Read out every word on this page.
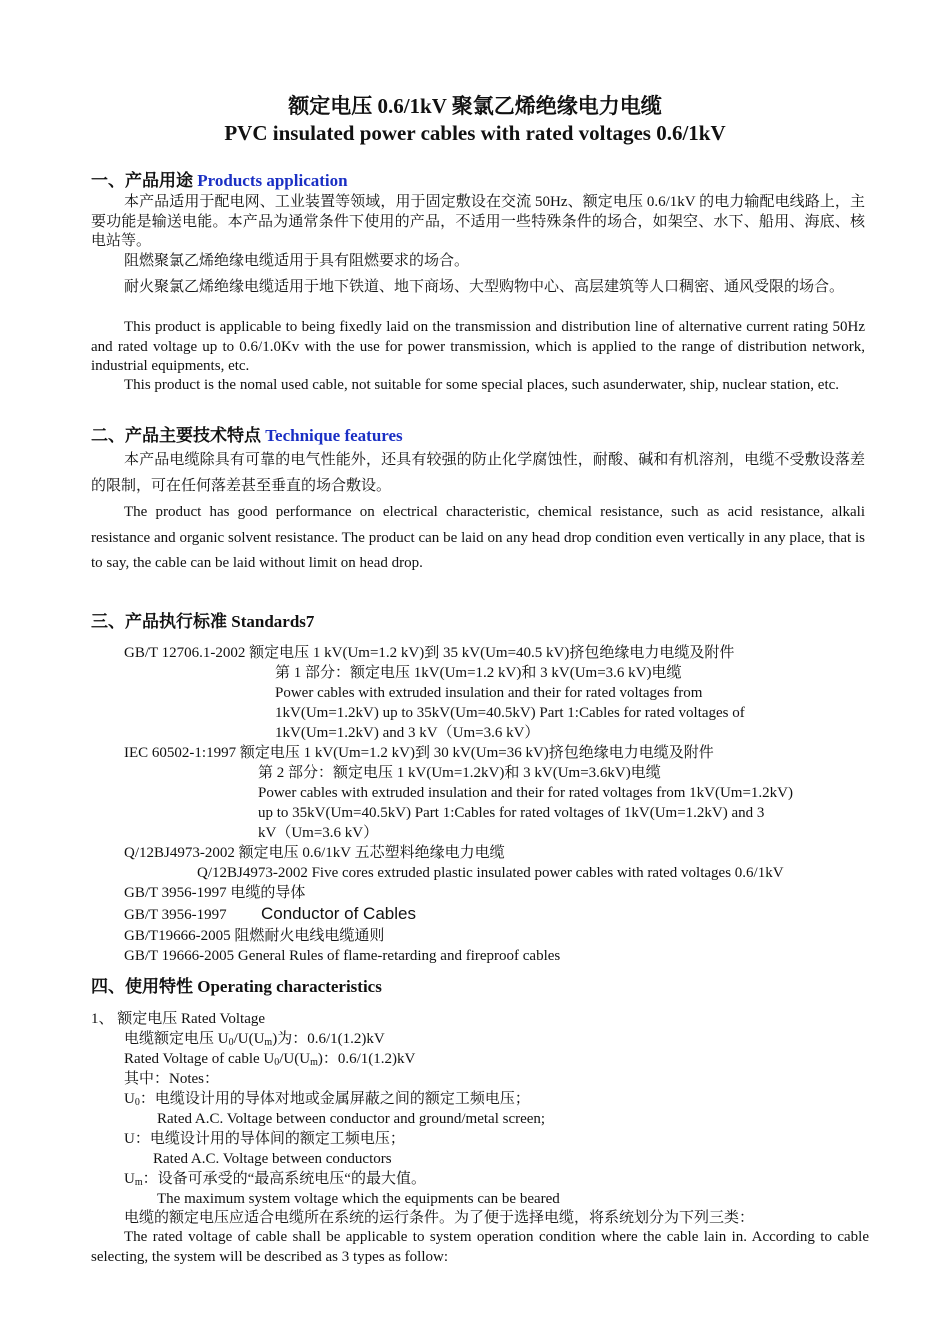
额定电压 0.6/1kV 聚氯乙烯绝缘电力电缆
PVC insulated power cables with rated voltages 0.6/1kV
一、产品用途 Products application
本产品适用于配电网、工业装置等领域，用于固定敷设在交流 50Hz、额定电压 0.6/1kV 的电力输配电线路上，主要功能是输送电能。本产品为通常条件下使用的产品，不适用一些特殊条件的场合，如架空、水下、船用、海底、核电站等。
阻燃聚氯乙烯绝缘电缆适用于具有阻燃要求的场合。
耐火聚氯乙烯绝缘电缆适用于地下铁道、地下商场、大型购物中心、高层建筑等人口稠密、通风受限的场合。
This product is applicable to being fixedly laid on the transmission and distribution line of alternative current rating 50Hz and rated voltage up to 0.6/1.0Kv with the use for power transmission, which is applied to the range of distribution network, industrial equipments, etc.
This product is the nomal used cable, not suitable for some special places, such asunderwater, ship, nuclear station, etc.
二、产品主要技术特点 Technique features
本产品电缆除具有可靠的电气性能外，还具有较强的防止化学腐蚀性，耐酸、碱和有机溶剂，电缆不受敷设落差的限制，可在任何落差甚至垂直的场合敷设。
The product has good performance on electrical characteristic, chemical resistance, such as acid resistance, alkali resistance and organic solvent resistance. The product can be laid on any head drop condition even vertically in any place, that is to say, the cable can be laid without limit on head drop.
三、产品执行标准 Standards7
GB/T 12706.1-2002 额定电压 1 kV(Um=1.2 kV)到 35 kV(Um=40.5 kV)挤包绝缘电力电缆及附件
第 1 部分：额定电压 1kV(Um=1.2 kV)和 3 kV(Um=3.6 kV)电缆
Power cables with extruded insulation and their for rated voltages from
1kV(Um=1.2kV) up to 35kV(Um=40.5kV) Part 1:Cables for rated voltages of
1kV(Um=1.2kV) and 3 kV（Um=3.6 kV）
IEC 60502-1:1997 额定电压 1 kV(Um=1.2 kV)到 30 kV(Um=36 kV)挤包绝缘电力电缆及附件
第 2 部分：额定电压 1 kV(Um=1.2kV)和 3 kV(Um=3.6kV)电缆
Power cables with extruded insulation and their for rated voltages from 1kV(Um=1.2kV)
up to 35kV(Um=40.5kV) Part 1:Cables for rated voltages of 1kV(Um=1.2kV) and 3
kV（Um=3.6 kV）
Q/12BJ4973-2002 额定电压 0.6/1kV 五芯塑料绝缘电力电缆
Q/12BJ4973-2002 Five cores extruded plastic insulated power cables with rated voltages 0.6/1kV
GB/T 3956-1997 电缆的导体
GB/T 3956-1997 Conductor of Cables
GB/T19666-2005 阻燃耐火电线电缆通则
GB/T 19666-2005 General Rules of flame-retarding and fireproof cables
四、使用特性 Operating characteristics
1、 额定电压 Rated Voltage
电缆额定电压 $U_0/U(U_m)$为：0.6/1(1.2)kV
Rated Voltage of cable $U_0/U(U_m)$：0.6/1(1.2)kV
其中：Notes：
$U_0$：电缆设计用的导体对地或金属屏蔽之间的额定工频电压；
Rated A.C. Voltage between conductor and ground/metal screen;
U：电缆设计用的导体间的额定工频电压；
Rated A.C. Voltage between conductors
$U_m$：设备可承受的“最高系统电压“的最大值。
The maximum system voltage which the equipments can be beared
电缆的额定电压应适合电缆所在系统的运行条件。为了便于选择电缆，将系统划分为下列三类：
The rated voltage of cable shall be applicable to system operation condition where the cable lain in. According to cable selecting, the system will be described as 3 types as follow:
